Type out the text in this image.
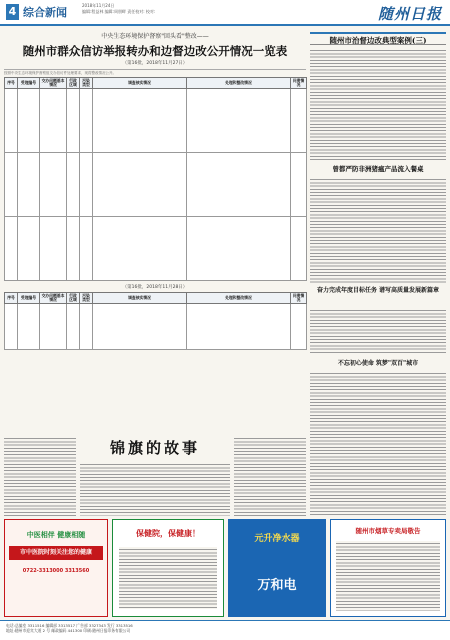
4 综合新闻
2018年11月24日
编辑:程益林 编辑:周朋畔 责任校对: 校对:	随州日报
中央生态环境保护督察"回头看"整改——
随州市群众信访举报转办和边督边改公开情况一览表
（第16批，2018年11月27日）
按照中央生态环境保护督察组交办信访件处理要求，现将整改情况公开。
序号	受理编号	交办问题基本情况	行政区域	污染类型	调查核实情况	处理和整改情况	问责情况

（第16批，2018年11月28日）
序号	受理编号	交办问题基本情况	行政区域	污染类型	调查核实情况	处理和整改情况	问责情况

锦旗的故事
随州市治督边改典型案例(三)
曾都严防非洲猪瘟产品流入餐桌
奋力完成年度目标任务 谱写高质量发展新篇章
不忘初心使命 筑梦"双百"城市
中医相伴 健康相随
市中医院时刻关注您的健康
0722-3313000 3313560
保健院，保健康！
元升净水器
万和电
随州市烟草专卖局敬告
电话:总编室 3311516 编辑部 3313517 广告部 3327343 发行 3313516
地址:随州市迎宾大道 2 号 邮政编码 441300 印刷:随州日报印务有限公司
